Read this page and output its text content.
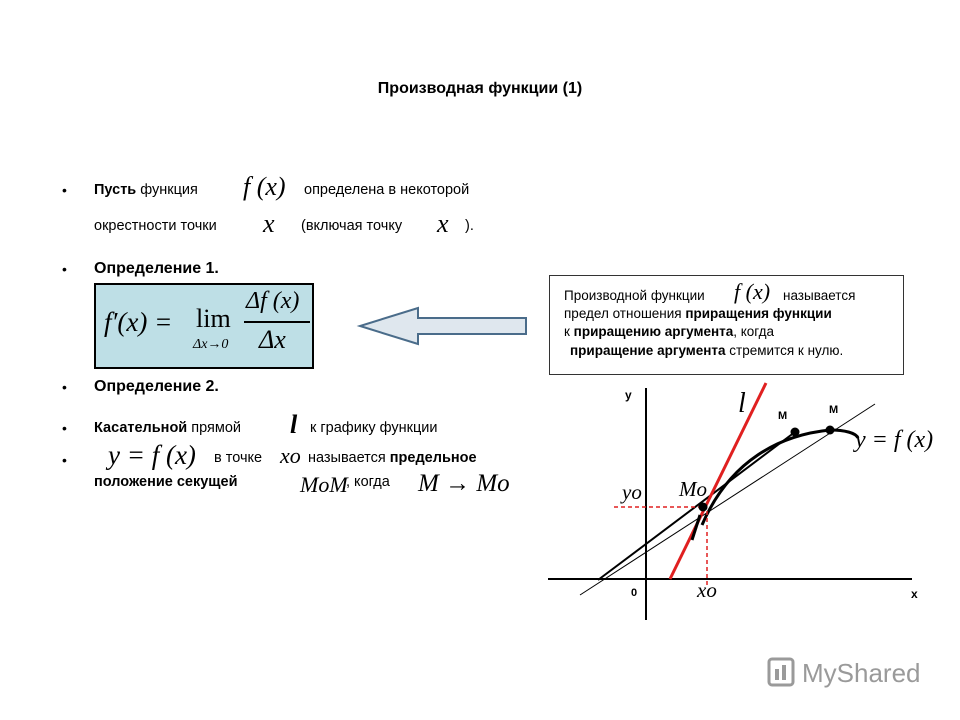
Производная функции (1)
• Пусть функция f (x) определена в некоторой
окрестности точки x (включая точку x ).
• Определение 1.
f′(x) = lim
Δx→0
Δf (x)
Δx
Производной функции f (x) называется
предел отношения приращения функции
к приращению аргумента, когда
приращение аргумента стремится к нулю.
• Определение 2.
• Касательной прямой l к графику функции
• y = f (x) в точке xo называется предельное
положение секущей	MoM
, когда M → Mo
y
x
0
l	M	M
y = f (x)
yo Mo
xo
MyShared
